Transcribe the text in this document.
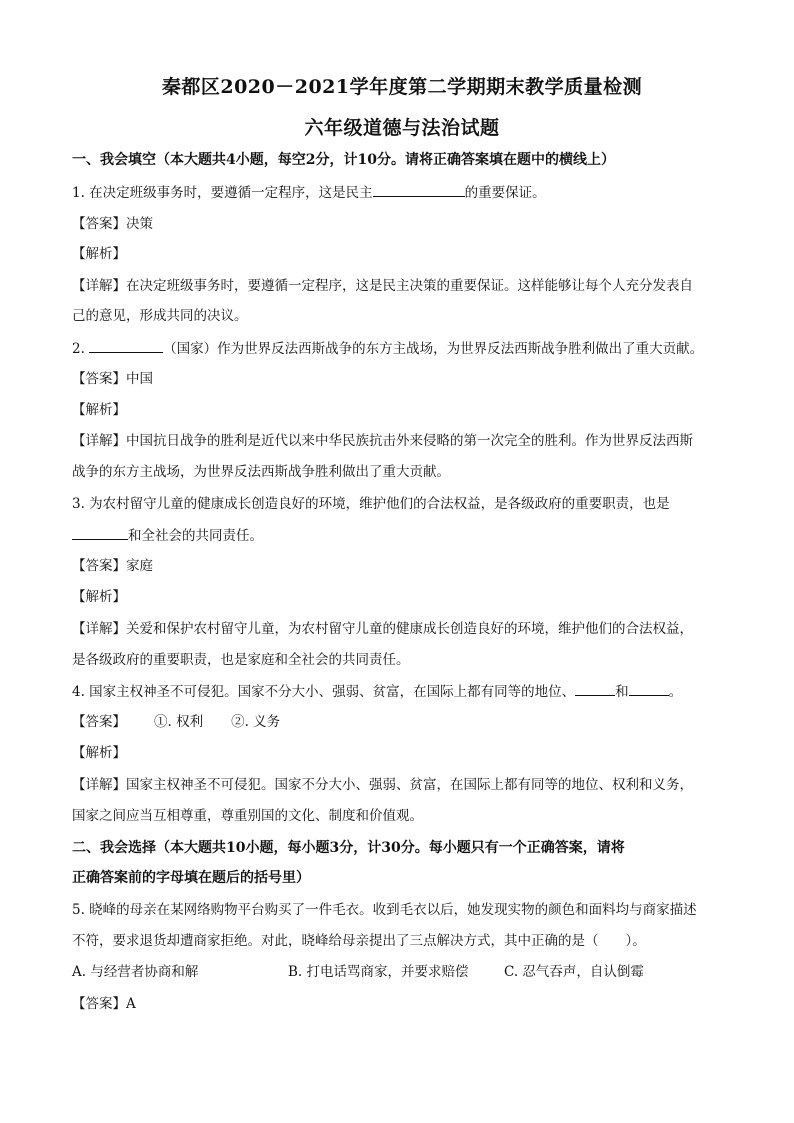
秦都区2020－2021学年度第二学期期末教学质量检测
六年级道德与法治试题
一、我会填空（本大题共4小题，每空2分，计10分。请将正确答案填在题中的横线上）
1. 在决定班级事务时，要遵循一定程序，这是民主	的重要保证。
【答案】决策
【解析】
【详解】在决定班级事务时，要遵循一定程序，这是民主决策的重要保证。这样能够让每个人充分发表自
己的意见，形成共同的决议。
2.	（国家）作为世界反法西斯战争的东方主战场，为世界反法西斯战争胜利做出了重大贡献。
【答案】中国
【解析】
【详解】中国抗日战争的胜利是近代以来中华民族抗击外来侵略的第一次完全的胜利。作为世界反法西斯
战争的东方主战场，为世界反法西斯战争胜利做出了重大贡献。
3. 为农村留守儿童的健康成长创造良好的环境，维护他们的合法权益，是各级政府的重要职责，也是
和全社会的共同责任。
【答案】家庭
【解析】
【详解】关爱和保护农村留守儿童，为农村留守儿童的健康成长创造良好的环境，维护他们的合法权益，
是各级政府的重要职责，也是家庭和全社会的共同责任。
4. 国家主权神圣不可侵犯。国家不分大小、强弱、贫富，在国际上都有同等的地位、	和	。
【答案】 ①. 权利 ②. 义务
【解析】
【详解】国家主权神圣不可侵犯。国家不分大小、强弱、贫富，在国际上都有同等的地位、权利和义务，
国家之间应当互相尊重，尊重别国的文化、制度和价值观。
二、我会选择（本大题共10小题，每小题3分，计30分。每小题只有一个正确答案，请将
正确答案前的字母填在题后的括号里）
5. 晓峰的母亲在某网络购物平台购买了一件毛衣。收到毛衣以后，她发现实物的颜色和面料均与商家描述
不符，要求退货却遭商家拒绝。对此，晓峰给母亲提出了三点解决方式，其中正确的是（　　）。
A. 与经营者协商和解	B. 打电话骂商家，并要求赔偿	C. 忍气吞声，自认倒霉
【答案】A
